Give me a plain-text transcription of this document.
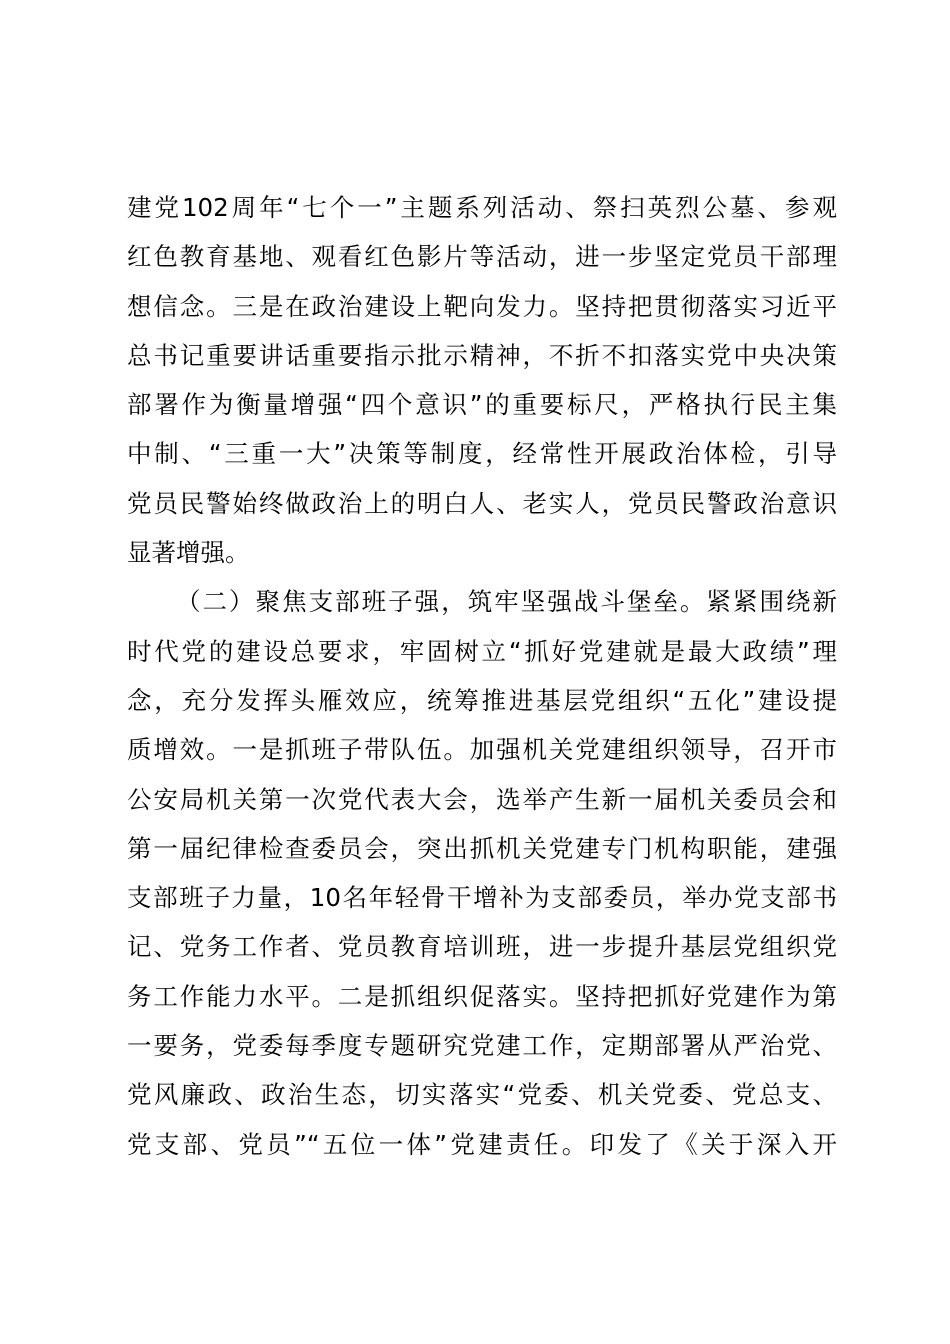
建党102周年“七个一”主题系列活动、祭扫英烈公墓、参观
红色教育基地、观看红色影片等活动，进一步坚定党员干部理
想信念。三是在政治建设上靶向发力。坚持把贯彻落实习近平
总书记重要讲话重要指示批示精神，不折不扣落实党中央决策
部署作为衡量增强“四个意识”的重要标尺，严格执行民主集
中制、“三重一大”决策等制度，经常性开展政治体检，引导
党员民警始终做政治上的明白人、老实人，党员民警政治意识
显著增强。
（二）聚焦支部班子强，筑牢坚强战斗堡垒。紧紧围绕新
时代党的建设总要求，牢固树立“抓好党建就是最大政绩”理
念，充分发挥头雁效应，统筹推进基层党组织“五化”建设提
质增效。一是抓班子带队伍。加强机关党建组织领导，召开市
公安局机关第一次党代表大会，选举产生新一届机关委员会和
第一届纪律检查委员会，突出抓机关党建专门机构职能，建强
支部班子力量，10名年轻骨干增补为支部委员，举办党支部书
记、党务工作者、党员教育培训班，进一步提升基层党组织党
务工作能力水平。二是抓组织促落实。坚持把抓好党建作为第
一要务，党委每季度专题研究党建工作，定期部署从严治党、
党风廉政、政治生态，切实落实“党委、机关党委、党总支、
党支部、党员”“五位一体”党建责任。印发了《关于深入开
